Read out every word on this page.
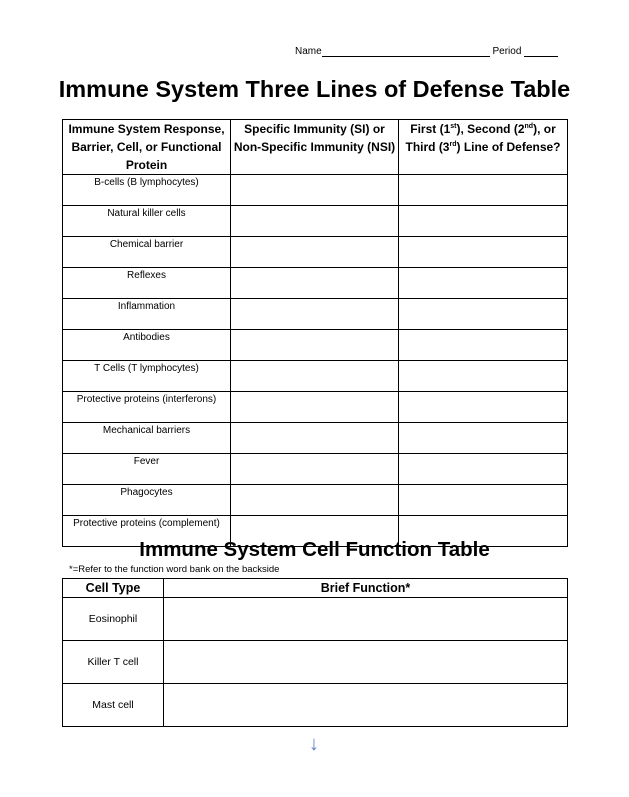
Name	Period
Immune System Three Lines of Defense Table
Immune System Response, Barrier, Cell, or Functional Protein	Specific Immunity (SI) or Non-Specific Immunity (NSI)	First (1st), Second (2nd), or Third (3rd) Line of Defense?
B-cells (B lymphocytes)		
Natural killer cells		
Chemical barrier		
Reflexes		
Inflammation		
Antibodies		
T Cells (T lymphocytes)		
Protective proteins (interferons)		
Mechanical barriers		
Fever		
Phagocytes		
Protective proteins (complement)		
Immune System Cell Function Table
*=Refer to the function word bank on the backside
Cell Type	Brief Function*
Eosinophil	
Killer T cell	
Mast cell	
↓
